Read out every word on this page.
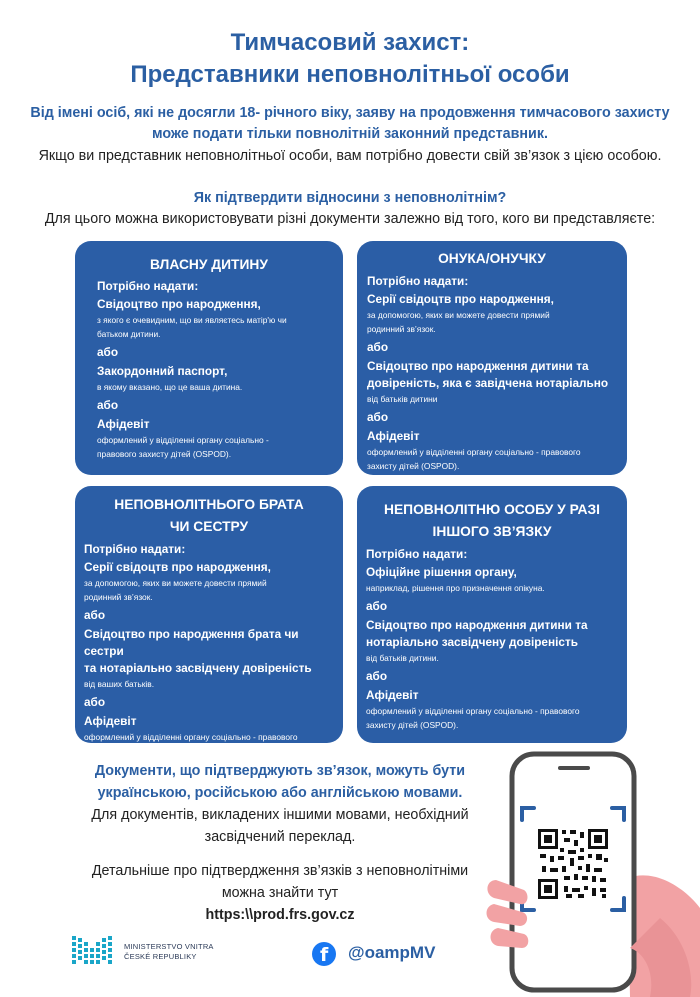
Тимчасовий захист:
Представники неповнолітньої особи
Від імені осіб, які не досягли 18- річного віку, заяву на продовження тимчасового захисту
може подати тільки повнолітній законний представник.
Якщо ви представник неповнолітньої особи, вам потрібно довести свій зв’язок з цією особою.
Як підтвердити відносини з неповнолітнім?
Для цього можна використовувати різні документи залежно від того, кого ви представляєте:
ВЛАСНУ ДИТИНУ
Потрібно надати:
Свідоцтво про народження,
з якого є очевидним, що ви являєтесь матір'ю чи
батьком дитини.
або
Закордонний паспорт,
в якому вказано, що це ваша дитина.
або
Афідевіт
оформлений у відділенні органу соціально -
правового захисту дітей (OSPOD).
ОНУКА/ОНУЧКУ
Потрібно надати:
Серії свідоцтв про народження,
за допомогою, яких ви можете довести прямий
родинний зв’язок.
або
Свідоцтво про народження дитини та
довіреність, яка є завідчена нотаріально
від батьків дитини
або
Афідевіт
оформлений у відділенні органу соціально - правового
захисту дітей (OSPOD).
НЕПОВНОЛІТНЬОГО БРАТА
ЧИ СЕСТРУ
Потрібно надати:
Серії свідоцтв про народження,
за допомогою, яких ви можете довести прямий
родинний зв’язок.
або
Свідоцтво про народження брата чи сестри
та нотаріально засвідчену довіреність
від ваших батьків.
або
Афідевіт
оформлений у відділенні органу соціально - правового
захисту дітей (OSPOD).
НЕПОВНОЛІТНЮ ОСОБУ У РАЗІ
ІНШОГО ЗВ’ЯЗКУ
Потрібно надати:
Офіційне рішення органу,
наприклад, рішення про призначення опікуна.
або
Свідоцтво про народження дитини та
нотаріально засвідчену довіреність
від батьків дитини.
або
Афідевіт
оформлений у відділенні органу соціально - правового
захисту дітей (OSPOD).
Документи, що підтверджують зв’язок, можуть бути
українською, російською або англійською мовами.
Для документів, викладених іншими мовами, необхідний
засвідчений переклад.
Детальніше про підтвердження зв’язків з неповнолітніми
можна знайти тут
https:\\prod.frs.gov.cz
MINISTERSTVO VNITRA
ČESKÉ REPUBLIKY	f @oampMV
